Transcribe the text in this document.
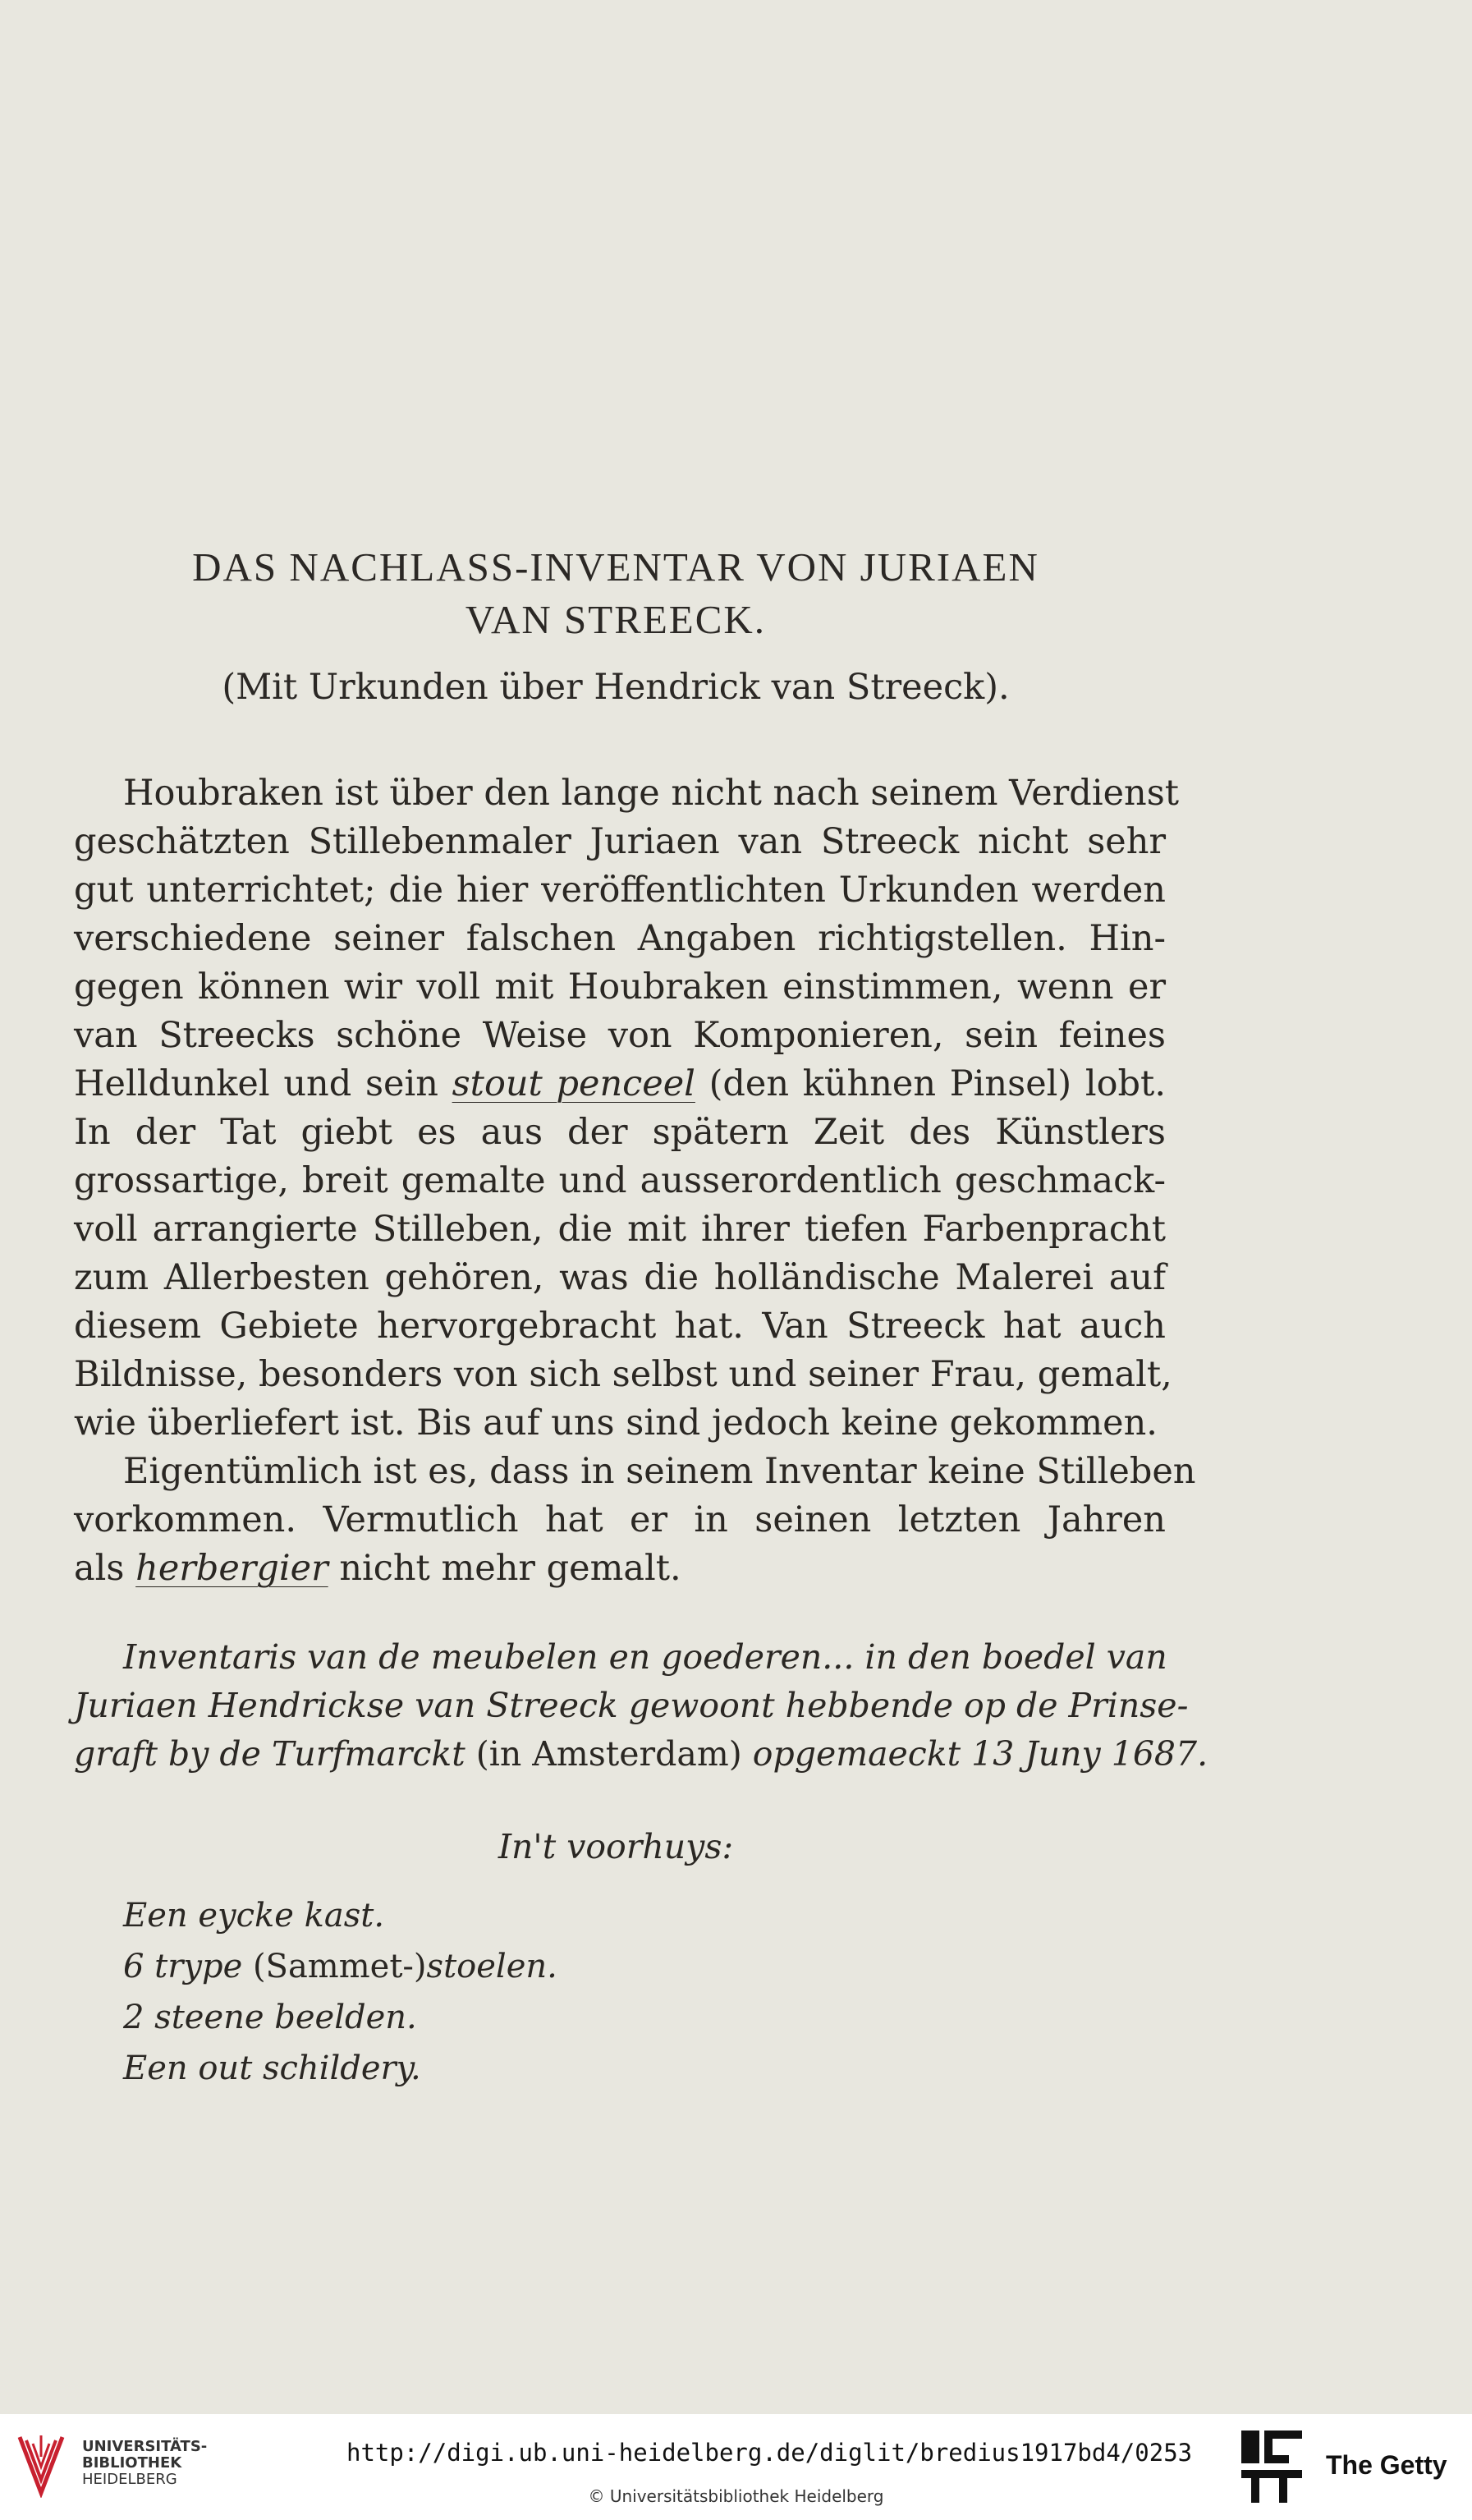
DAS NACHLASS-INVENTAR VON JURIAEN
VAN STREECK.
(Mit Urkunden über Hendrick van Streeck).
Houbraken ist über den lange nicht nach seinem Verdienst
geschätzten Stillebenmaler Juriaen van Streeck nicht sehr
gut unterrichtet; die hier veröffentlichten Urkunden werden
verschiedene seiner falschen Angaben richtigstellen. Hin-
gegen können wir voll mit Houbraken einstimmen, wenn er
van Streecks schöne Weise von Komponieren, sein feines
Helldunkel und sein stout penceel (den kühnen Pinsel) lobt.
In der Tat giebt es aus der spätern Zeit des Künstlers
grossartige, breit gemalte und ausserordentlich geschmack-
voll arrangierte Stilleben, die mit ihrer tiefen Farbenpracht
zum Allerbesten gehören, was die holländische Malerei auf
diesem Gebiete hervorgebracht hat. Van Streeck hat auch
Bildnisse, besonders von sich selbst und seiner Frau, gemalt,
wie überliefert ist. Bis auf uns sind jedoch keine gekommen.
Eigentümlich ist es, dass in seinem Inventar keine Stilleben
vorkommen. Vermutlich hat er in seinen letzten Jahren
als herbergier nicht mehr gemalt.
Inventaris van de meubelen en goederen... in den boedel van
Juriaen Hendrickse van Streeck gewoont hebbende op de Prinse-
graft by de Turfmarckt (in Amsterdam) opgemaeckt 13 Juny 1687.
In't voorhuys:
Een eycke kast.
6 trype (Sammet-)stoelen.
2 steene beelden.
Een out schildery.
UNIVERSITÄTS-
BIBLIOTHEK
HEIDELBERG
http://digi.ub.uni-heidelberg.de/diglit/bredius1917bd4/0253
© Universitätsbibliothek Heidelberg
The Getty
